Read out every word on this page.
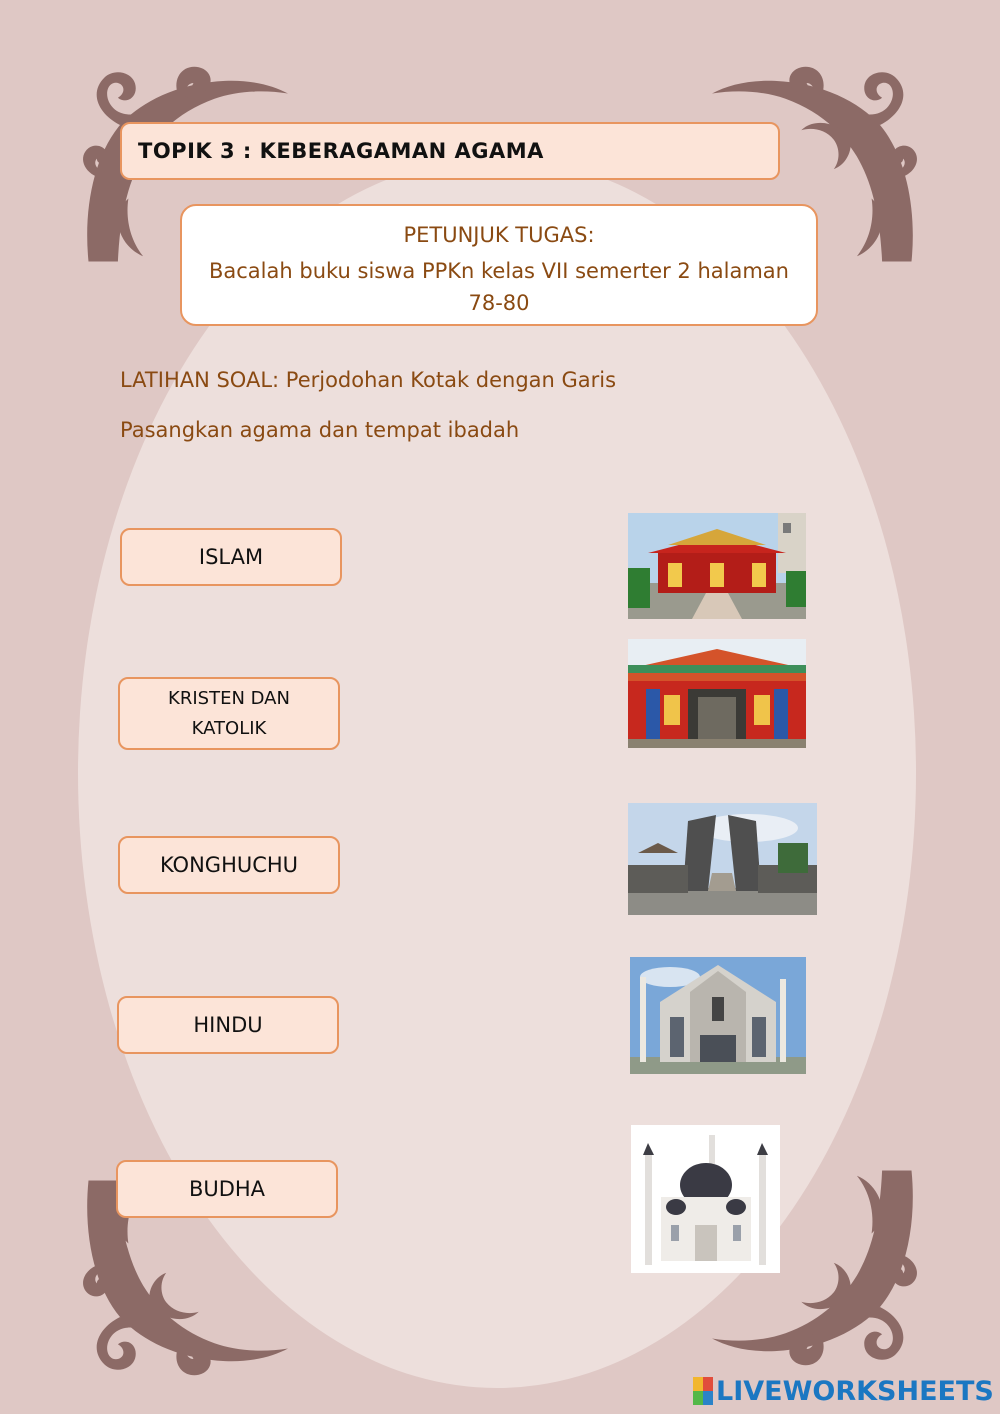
TOPIK 3 : KEBERAGAMAN AGAMA
PETUNJUK TUGAS:
Bacalah buku siswa PPKn kelas VII semerter 2 halaman 78-80
LATIHAN SOAL: Perjodohan Kotak dengan Garis
Pasangkan agama dan tempat ibadah
ISLAM
KRISTEN DAN KATOLIK
KONGHUCHU
HINDU
BUDHA
LIVEWORKSHEETS
